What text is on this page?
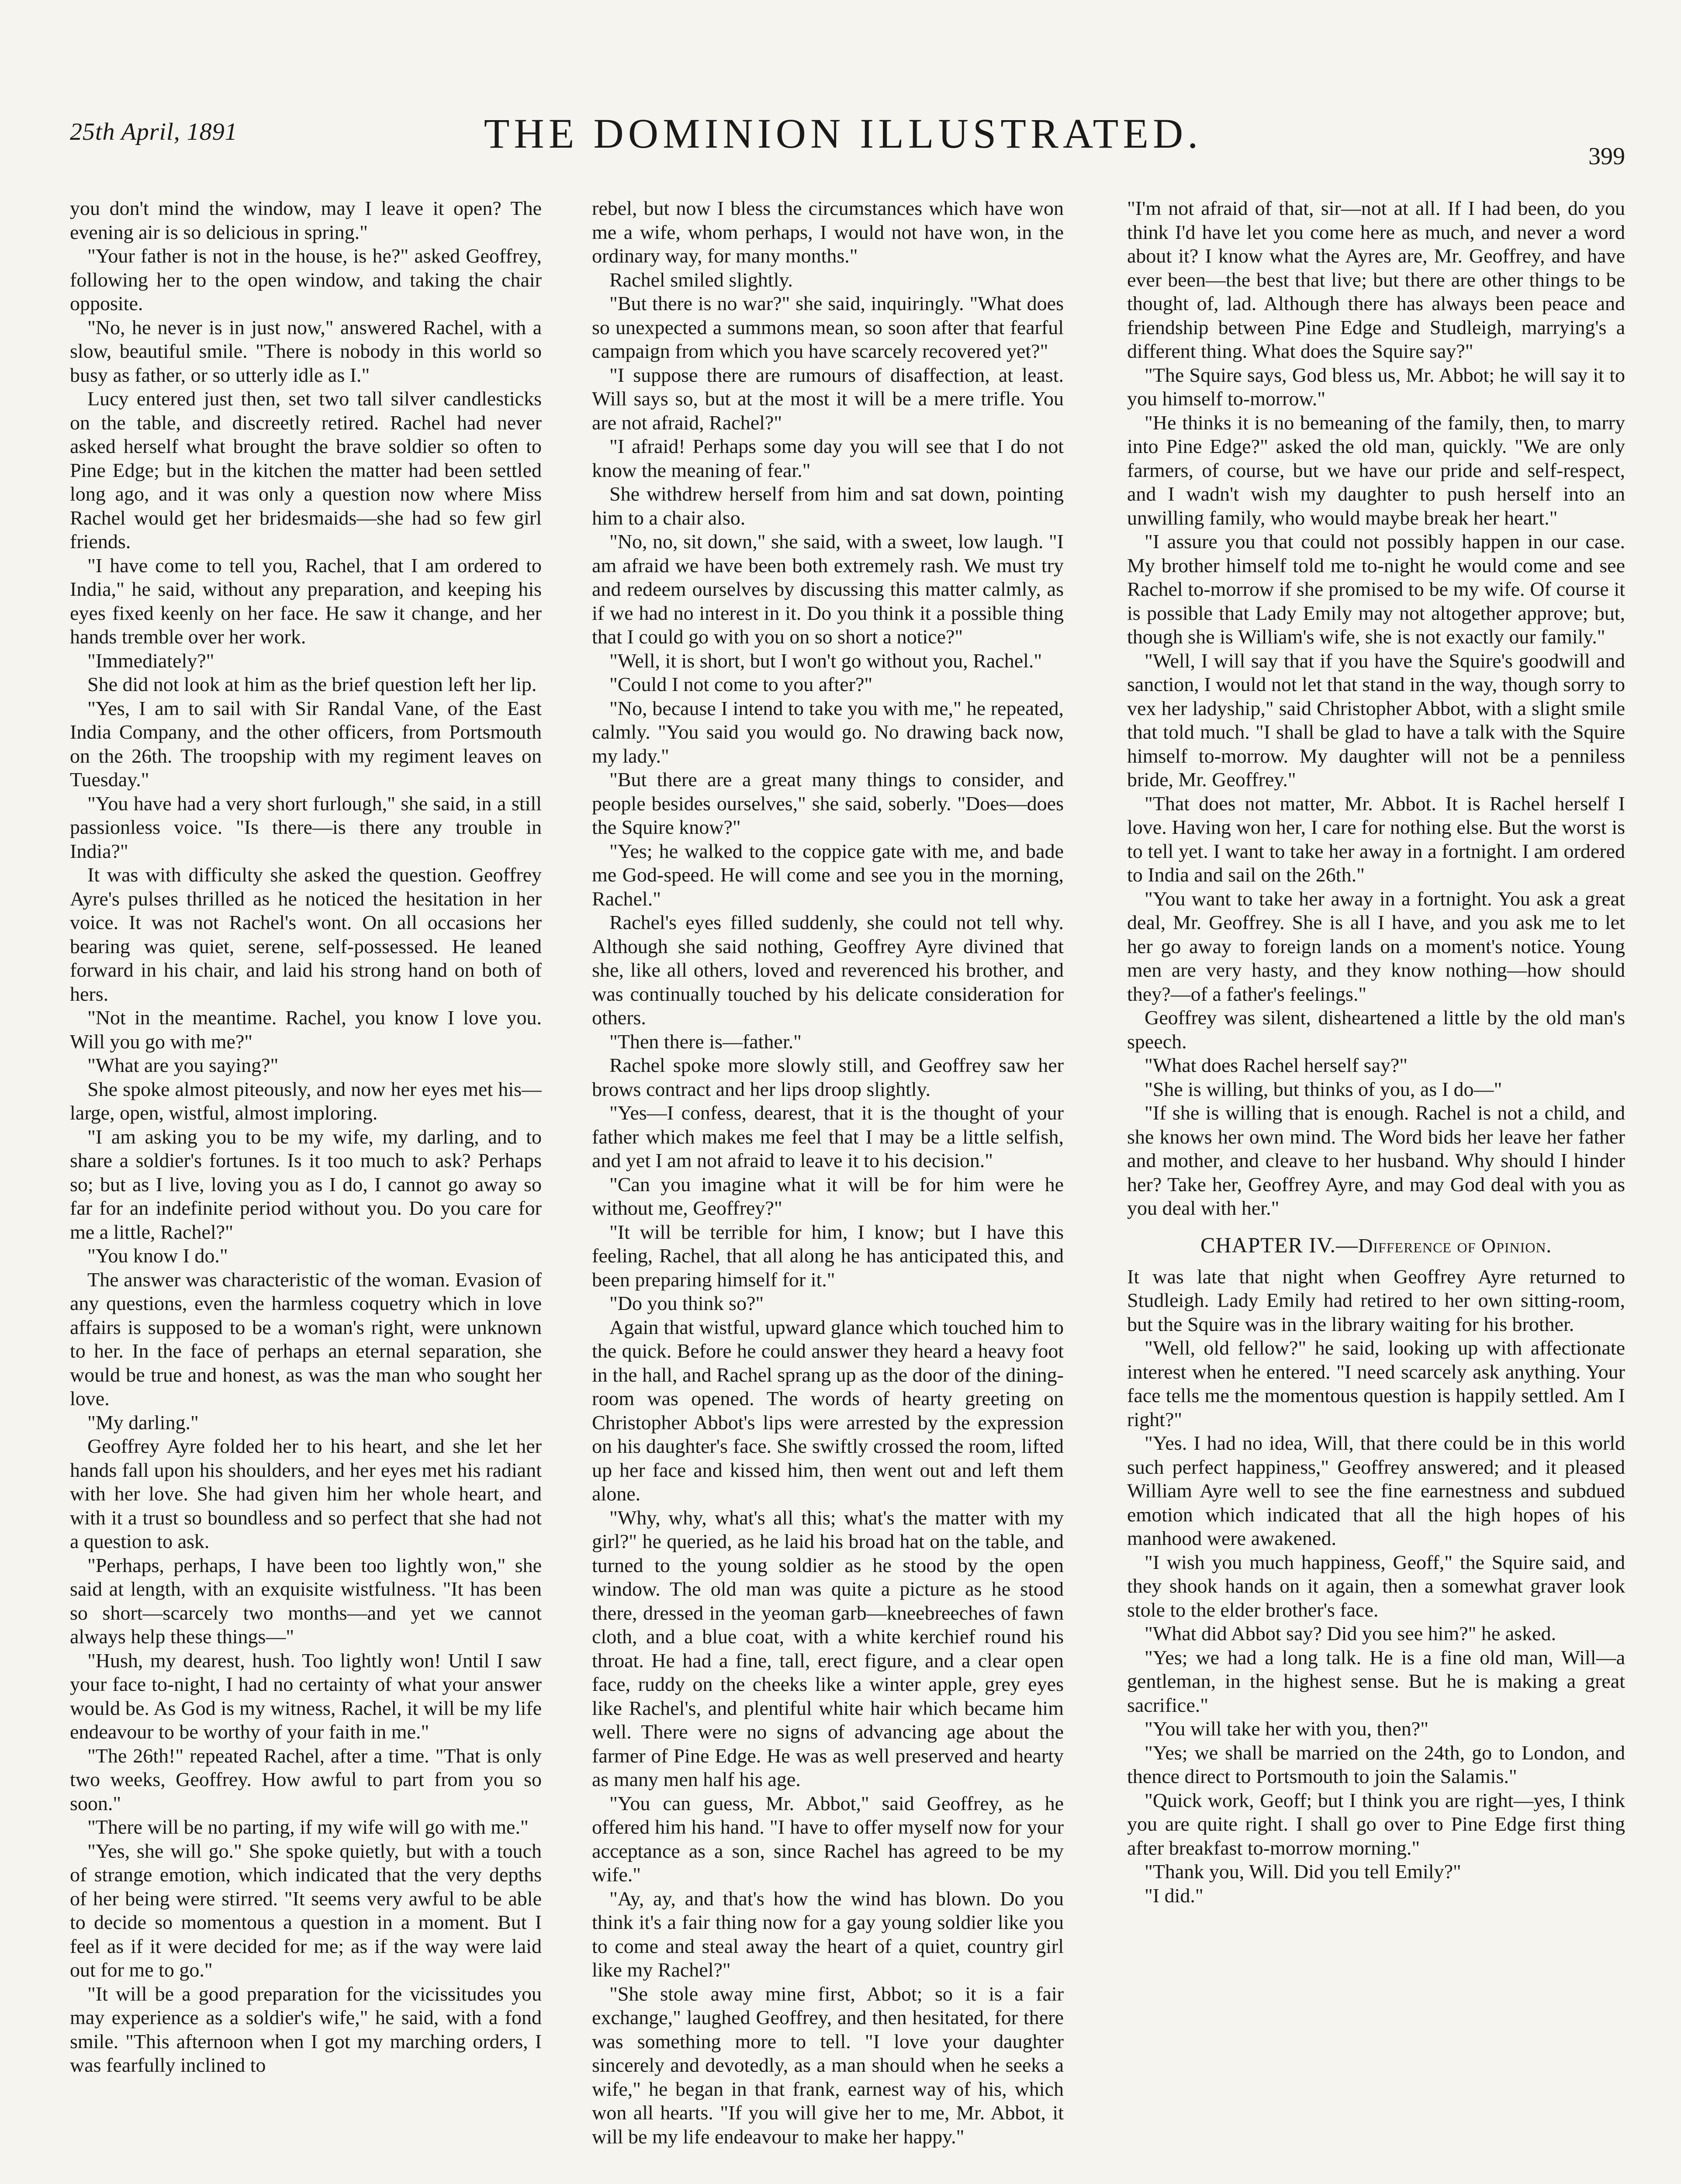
25th April, 1891	THE DOMINION ILLUSTRATED.	399

you don't mind the window, may I leave it open? The evening air is so delicious in spring."

"Your father is not in the house, is he?" asked Geoffrey, following her to the open window, and taking the chair opposite.

"No, he never is in just now," answered Rachel, with a slow, beautiful smile. "There is nobody in this world so busy as father, or so utterly idle as I."

Lucy entered just then, set two tall silver candlesticks on the table, and discreetly retired. Rachel had never asked herself what brought the brave soldier so often to Pine Edge; but in the kitchen the matter had been settled long ago, and it was only a question now where Miss Rachel would get her bridesmaids—she had so few girl friends.

"I have come to tell you, Rachel, that I am ordered to India," he said, without any preparation, and keeping his eyes fixed keenly on her face. He saw it change, and her hands tremble over her work.

"Immediately?"

She did not look at him as the brief question left her lip.

"Yes, I am to sail with Sir Randal Vane, of the East India Company, and the other officers, from Portsmouth on the 26th. The troopship with my regiment leaves on Tuesday."

"You have had a very short furlough," she said, in a still passionless voice. "Is there—is there any trouble in India?"

It was with difficulty she asked the question. Geoffrey Ayre's pulses thrilled as he noticed the hesitation in her voice. It was not Rachel's wont. On all occasions her bearing was quiet, serene, self-possessed. He leaned forward in his chair, and laid his strong hand on both of hers.

"Not in the meantime. Rachel, you know I love you. Will you go with me?"

"What are you saying?"

She spoke almost piteously, and now her eyes met his—large, open, wistful, almost imploring.

"I am asking you to be my wife, my darling, and to share a soldier's fortunes. Is it too much to ask? Perhaps so; but as I live, loving you as I do, I cannot go away so far for an indefinite period without you. Do you care for me a little, Rachel?"

"You know I do."

The answer was characteristic of the woman. Evasion of any questions, even the harmless coquetry which in love affairs is supposed to be a woman's right, were unknown to her. In the face of perhaps an eternal separation, she would be true and honest, as was the man who sought her love.

"My darling."

Geoffrey Ayre folded her to his heart, and she let her hands fall upon his shoulders, and her eyes met his radiant with her love. She had given him her whole heart, and with it a trust so boundless and so perfect that she had not a question to ask.

"Perhaps, perhaps, I have been too lightly won," she said at length, with an exquisite wistfulness. "It has been so short—scarcely two months—and yet we cannot always help these things—"

"Hush, my dearest, hush. Too lightly won! Until I saw your face to-night, I had no certainty of what your answer would be. As God is my witness, Rachel, it will be my life endeavour to be worthy of your faith in me."

"The 26th!" repeated Rachel, after a time. "That is only two weeks, Geoffrey. How awful to part from you so soon."

"There will be no parting, if my wife will go with me."

"Yes, she will go." She spoke quietly, but with a touch of strange emotion, which indicated that the very depths of her being were stirred. "It seems very awful to be able to decide so momentous a question in a moment. But I feel as if it were decided for me; as if the way were laid out for me to go."

"It will be a good preparation for the vicissitudes you may experience as a soldier's wife," he said, with a fond smile. "This afternoon when I got my marching orders, I was fearfully inclined to

rebel, but now I bless the circumstances which have won me a wife, whom perhaps, I would not have won, in the ordinary way, for many months."

Rachel smiled slightly.

"But there is no war?" she said, inquiringly. "What does so unexpected a summons mean, so soon after that fearful campaign from which you have scarcely recovered yet?"

"I suppose there are rumours of disaffection, at least. Will says so, but at the most it will be a mere trifle. You are not afraid, Rachel?"

"I afraid! Perhaps some day you will see that I do not know the meaning of fear."

She withdrew herself from him and sat down, pointing him to a chair also.

"No, no, sit down," she said, with a sweet, low laugh. "I am afraid we have been both extremely rash. We must try and redeem ourselves by discussing this matter calmly, as if we had no interest in it. Do you think it a possible thing that I could go with you on so short a notice?"

"Well, it is short, but I won't go without you, Rachel."

"Could I not come to you after?"

"No, because I intend to take you with me," he repeated, calmly. "You said you would go. No drawing back now, my lady."

"But there are a great many things to consider, and people besides ourselves," she said, soberly. "Does—does the Squire know?"

"Yes; he walked to the coppice gate with me, and bade me God-speed. He will come and see you in the morning, Rachel."

Rachel's eyes filled suddenly, she could not tell why. Although she said nothing, Geoffrey Ayre divined that she, like all others, loved and reverenced his brother, and was continually touched by his delicate consideration for others.

"Then there is—father."

Rachel spoke more slowly still, and Geoffrey saw her brows contract and her lips droop slightly.

"Yes—I confess, dearest, that it is the thought of your father which makes me feel that I may be a little selfish, and yet I am not afraid to leave it to his decision."

"Can you imagine what it will be for him were he without me, Geoffrey?"

"It will be terrible for him, I know; but I have this feeling, Rachel, that all along he has anticipated this, and been preparing himself for it."

"Do you think so?"

Again that wistful, upward glance which touched him to the quick. Before he could answer they heard a heavy foot in the hall, and Rachel sprang up as the door of the dining-room was opened. The words of hearty greeting on Christopher Abbot's lips were arrested by the expression on his daughter's face. She swiftly crossed the room, lifted up her face and kissed him, then went out and left them alone.

"Why, why, what's all this; what's the matter with my girl?" he queried, as he laid his broad hat on the table, and turned to the young soldier as he stood by the open window. The old man was quite a picture as he stood there, dressed in the yeoman garb—kneebreeches of fawn cloth, and a blue coat, with a white kerchief round his throat. He had a fine, tall, erect figure, and a clear open face, ruddy on the cheeks like a winter apple, grey eyes like Rachel's, and plentiful white hair which became him well. There were no signs of advancing age about the farmer of Pine Edge. He was as well preserved and hearty as many men half his age.

"You can guess, Mr. Abbot," said Geoffrey, as he offered him his hand. "I have to offer myself now for your acceptance as a son, since Rachel has agreed to be my wife."

"Ay, ay, and that's how the wind has blown. Do you think it's a fair thing now for a gay young soldier like you to come and steal away the heart of a quiet, country girl like my Rachel?"

"She stole away mine first, Abbot; so it is a fair exchange," laughed Geoffrey, and then hesitated, for there was something more to tell. "I love your daughter sincerely and devotedly, as a man should when he seeks a wife," he began in that frank, earnest way of his, which won all hearts. "If you will give her to me, Mr. Abbot, it will be my life endeavour to make her happy."

"I'm not afraid of that, sir—not at all. If I had been, do you think I'd have let you come here as much, and never a word about it? I know what the Ayres are, Mr. Geoffrey, and have ever been—the best that live; but there are other things to be thought of, lad. Although there has always been peace and friendship between Pine Edge and Studleigh, marrying's a different thing. What does the Squire say?"

"The Squire says, God bless us, Mr. Abbot; he will say it to you himself to-morrow."

"He thinks it is no bemeaning of the family, then, to marry into Pine Edge?" asked the old man, quickly. "We are only farmers, of course, but we have our pride and self-respect, and I wadn't wish my daughter to push herself into an unwilling family, who would maybe break her heart."

"I assure you that could not possibly happen in our case. My brother himself told me to-night he would come and see Rachel to-morrow if she promised to be my wife. Of course it is possible that Lady Emily may not altogether approve; but, though she is William's wife, she is not exactly our family."

"Well, I will say that if you have the Squire's goodwill and sanction, I would not let that stand in the way, though sorry to vex her ladyship," said Christopher Abbot, with a slight smile that told much. "I shall be glad to have a talk with the Squire himself to-morrow. My daughter will not be a penniless bride, Mr. Geoffrey."

"That does not matter, Mr. Abbot. It is Rachel herself I love. Having won her, I care for nothing else. But the worst is to tell yet. I want to take her away in a fortnight. I am ordered to India and sail on the 26th."

"You want to take her away in a fortnight. You ask a great deal, Mr. Geoffrey. She is all I have, and you ask me to let her go away to foreign lands on a moment's notice. Young men are very hasty, and they know nothing—how should they?—of a father's feelings."

Geoffrey was silent, disheartened a little by the old man's speech.

"What does Rachel herself say?"

"She is willing, but thinks of you, as I do—"

"If she is willing that is enough. Rachel is not a child, and she knows her own mind. The Word bids her leave her father and mother, and cleave to her husband. Why should I hinder her? Take her, Geoffrey Ayre, and may God deal with you as you deal with her."

CHAPTER IV.—Difference of Opinion.

It was late that night when Geoffrey Ayre returned to Studleigh. Lady Emily had retired to her own sitting-room, but the Squire was in the library waiting for his brother.

"Well, old fellow?" he said, looking up with affectionate interest when he entered. "I need scarcely ask anything. Your face tells me the momentous question is happily settled. Am I right?"

"Yes. I had no idea, Will, that there could be in this world such perfect happiness," Geoffrey answered; and it pleased William Ayre well to see the fine earnestness and subdued emotion which indicated that all the high hopes of his manhood were awakened.

"I wish you much happiness, Geoff," the Squire said, and they shook hands on it again, then a somewhat graver look stole to the elder brother's face.

"What did Abbot say? Did you see him?" he asked.

"Yes; we had a long talk. He is a fine old man, Will—a gentleman, in the highest sense. But he is making a great sacrifice."

"You will take her with you, then?"

"Yes; we shall be married on the 24th, go to London, and thence direct to Portsmouth to join the Salamis."

"Quick work, Geoff; but I think you are right—yes, I think you are quite right. I shall go over to Pine Edge first thing after breakfast to-morrow morning."

"Thank you, Will. Did you tell Emily?"

"I did."
